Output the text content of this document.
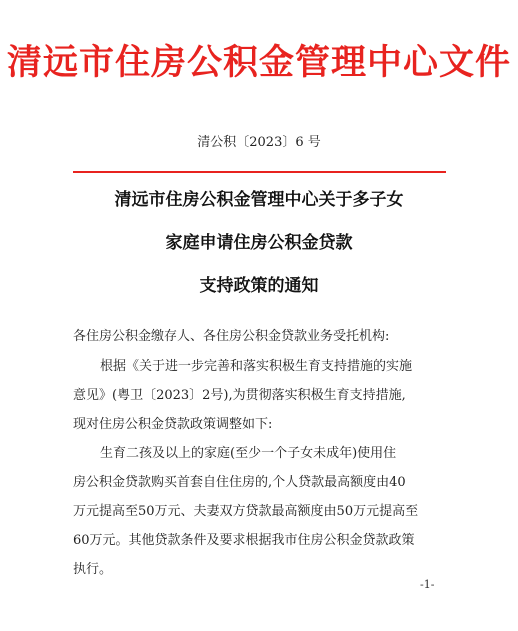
清远市住房公积金管理中心文件
清公积〔2023〕6 号
清远市住房公积金管理中心关于多子女
家庭申请住房公积金贷款
支持政策的通知
各住房公积金缴存人、各住房公积金贷款业务受托机构:
根据《关于进一步完善和落实积极生育支持措施的实施
意见》(粤卫〔2023〕2号),为贯彻落实积极生育支持措施,
现对住房公积金贷款政策调整如下:
生育二孩及以上的家庭(至少一个子女未成年)使用住
房公积金贷款购买首套自住住房的,个人贷款最高额度由40
万元提高至50万元、夫妻双方贷款最高额度由50万元提高至
60万元。其他贷款条件及要求根据我市住房公积金贷款政策
执行。
-1-
